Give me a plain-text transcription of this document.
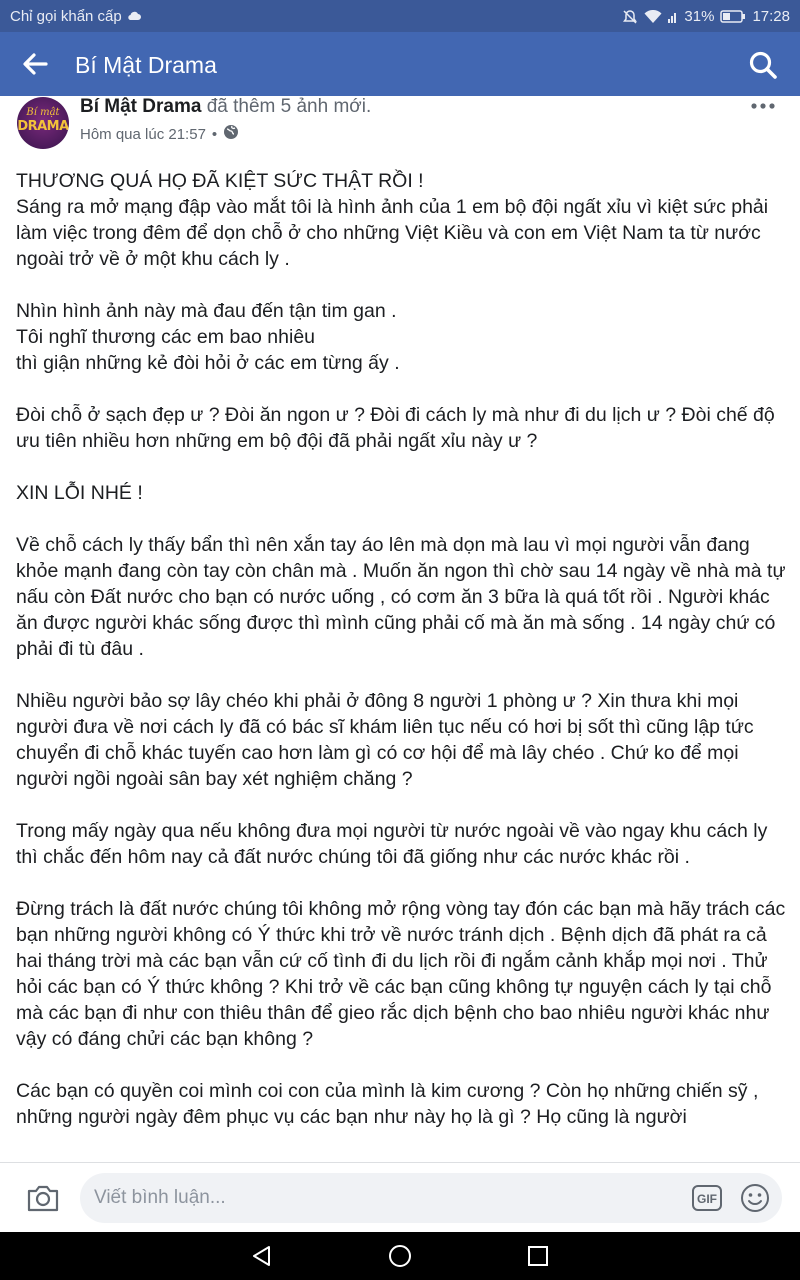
Chỉ gọi khẩn cấp	31%	17:28
Bí Mật Drama
Bí mật
DRAMA
Bí Mật Drama đã thêm 5 ảnh mới.
Hôm qua lúc 21:57 •

THƯƠNG QUÁ HỌ ĐÃ KIỆT SỨC THẬT RỒI !
Sáng ra mở mạng đập vào mắt tôi là hình ảnh của 1 em bộ đội ngất xỉu vì kiệt sức phải làm việc trong đêm để dọn chỗ ở cho những Việt Kiều và con em Việt Nam ta từ nước ngoài trở về ở một khu cách ly .

Nhìn hình ảnh này mà đau đến tận tim gan .
Tôi nghĩ thương các em bao nhiêu
thì giận những kẻ đòi hỏi ở các em từng ấy .

Đòi chỗ ở sạch đẹp ư ? Đòi ăn ngon ư ? Đòi đi cách ly mà như đi du lịch ư ? Đòi chế độ ưu tiên nhiều hơn những em bộ đội đã phải ngất xỉu này ư ?

XIN LỖI NHÉ !

Về chỗ cách ly thấy bẩn thì nên xắn tay áo lên mà dọn mà lau vì mọi người vẫn đang khỏe mạnh đang còn tay còn chân mà . Muốn ăn ngon thì chờ sau 14 ngày về nhà mà tự nấu còn Đất nước cho bạn có nước uống , có cơm ăn 3 bữa là quá tốt rồi . Người khác ăn được người khác sống được thì mình cũng phải cố mà ăn mà sống . 14 ngày chứ có phải đi tù đâu .

Nhiều người bảo sợ lây chéo khi phải ở đông 8 người 1 phòng ư ? Xin thưa khi mọi người đưa về nơi cách ly đã có bác sĩ khám liên tục nếu có hơi bị sốt thì cũng lập tức chuyển đi chỗ khác tuyến cao hơn làm gì có cơ hội để mà lây chéo . Chứ ko để mọi người ngồi ngoài sân bay xét nghiệm chăng ?

Trong mấy ngày qua nếu không đưa mọi người từ nước ngoài về vào ngay khu cách ly thì chắc đến hôm nay cả đất nước chúng tôi đã giống như các nước khác rồi .

Đừng trách là đất nước chúng tôi không mở rộng vòng tay đón các bạn mà hãy trách các bạn những người không có Ý thức khi trở về nước tránh dịch . Bệnh dịch đã phát ra cả hai tháng trời mà các bạn vẫn cứ cố tình đi du lịch rồi đi ngắm cảnh khắp mọi nơi . Thử hỏi các bạn có Ý thức không ? Khi trở về các bạn cũng không tự nguyện cách ly tại chỗ mà các bạn đi như con thiêu thân để gieo rắc dịch bệnh cho bao nhiêu người khác như vậy có đáng chửi các bạn không ?

Các bạn có quyền coi mình coi con của mình là kim cương ? Còn họ những chiến sỹ , những người ngày đêm phục vụ các bạn như này họ là gì ? Họ cũng là người

Viết bình luận...	GIF
